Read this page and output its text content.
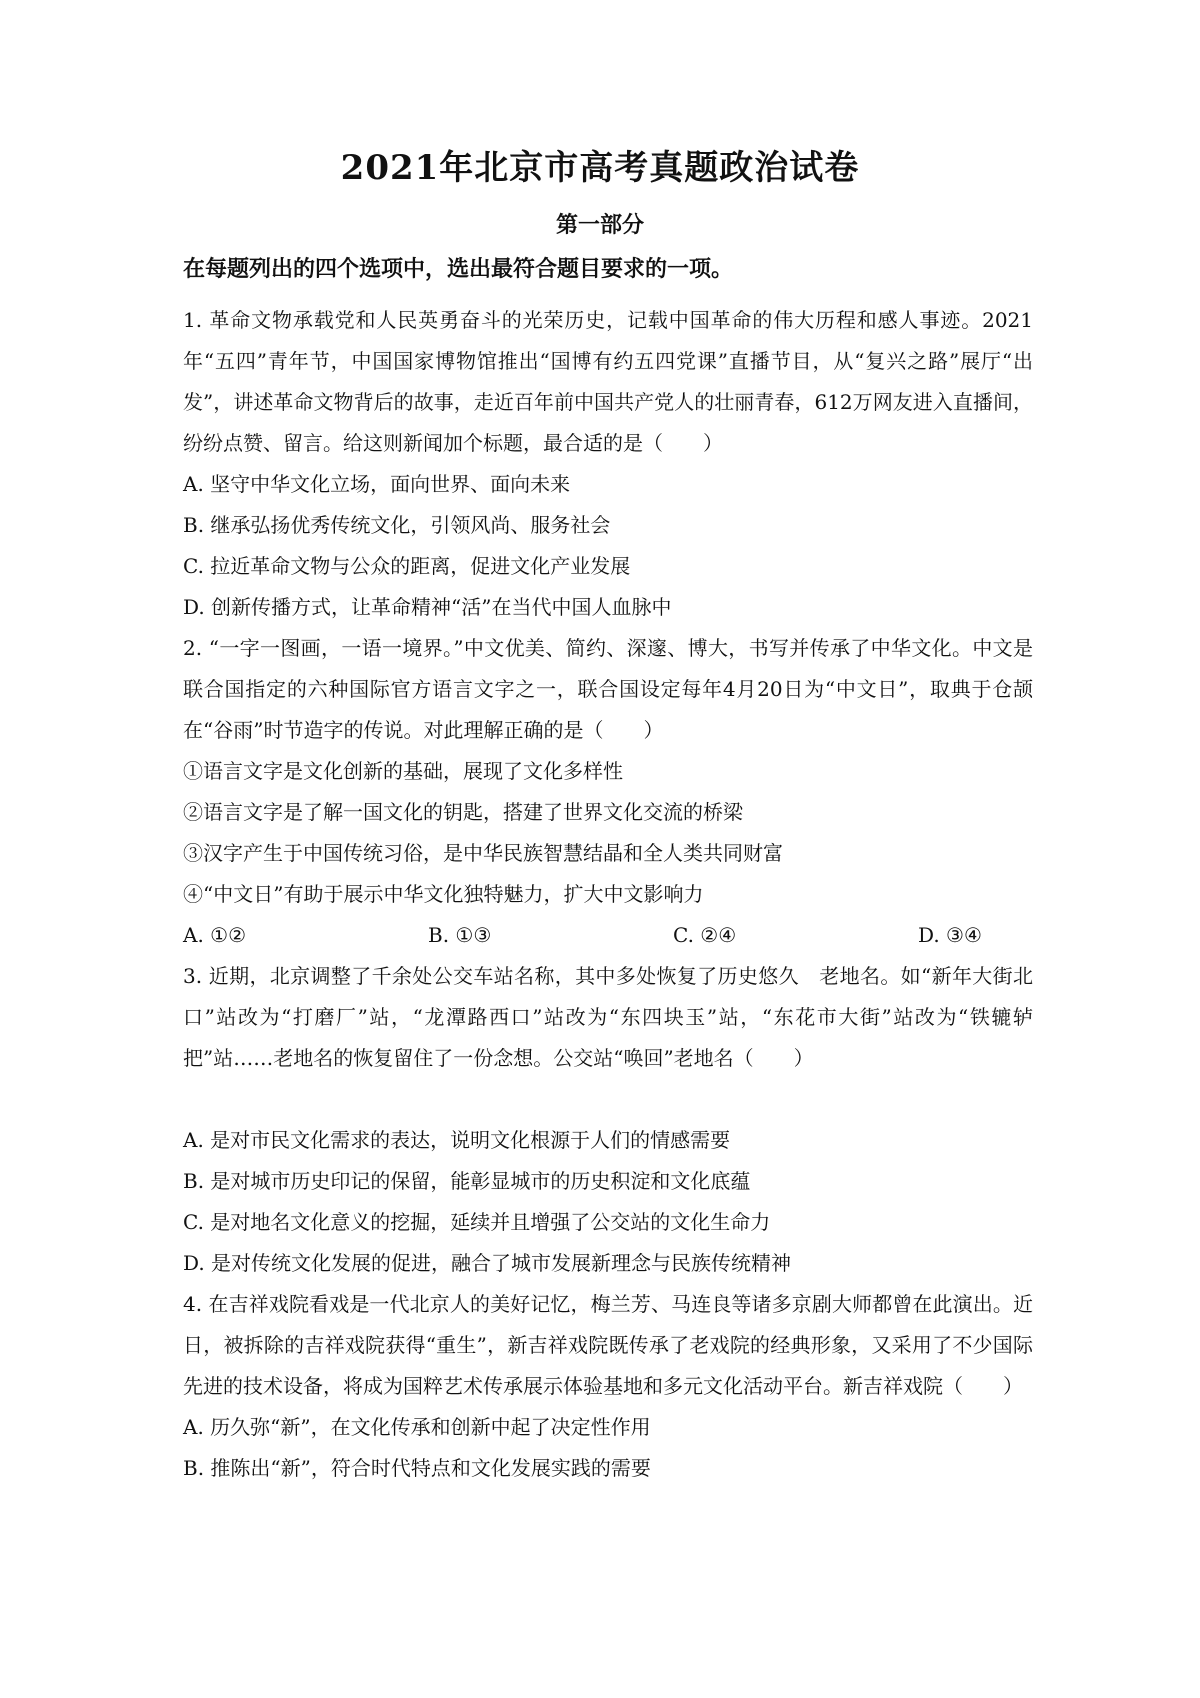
2021年北京市高考真题政治试卷
第一部分
在每题列出的四个选项中，选出最符合题目要求的一项。

1. 革命文物承载党和人民英勇奋斗的光荣历史，记载中国革命的伟大历程和感人事迹。2021年“五四”青年节，中国国家博物馆推出“国博有约五四党课”直播节目，从“复兴之路”展厅“出发”，讲述革命文物背后的故事，走近百年前中国共产党人的壮丽青春，612万网友进入直播间，纷纷点赞、留言。给这则新闻加个标题，最合适的是（　　）

A. 坚守中华文化立场，面向世界、面向未来

B. 继承弘扬优秀传统文化，引领风尚、服务社会

C. 拉近革命文物与公众的距离，促进文化产业发展

D. 创新传播方式，让革命精神“活”在当代中国人血脉中

2. “一字一图画，一语一境界。”中文优美、简约、深邃、博大，书写并传承了中华文化。中文是联合国指定的六种国际官方语言文字之一，联合国设定每年4月20日为“中文日”，取典于仓颉在“谷雨”时节造字的传说。对此理解正确的是（　　）

①语言文字是文化创新的基础，展现了文化多样性

②语言文字是了解一国文化的钥匙，搭建了世界文化交流的桥梁

③汉字产生于中国传统习俗，是中华民族智慧结晶和全人类共同财富

④“中文日”有助于展示中华文化独特魅力，扩大中文影响力

A. ①②	B. ①③	C. ②④	D. ③④

3. 近期，北京调整了千余处公交车站名称，其中多处恢复了历史悠久　老地名。如“新年大街北口”站改为“打磨厂”站，“龙潭路西口”站改为“东四块玉”站，“东花市大街”站改为“铁辘轳把”站……老地名的恢复留住了一份念想。公交站“唤回”老地名（　　）

A. 是对市民文化需求的表达，说明文化根源于人们的情感需要

B. 是对城市历史印记的保留，能彰显城市的历史积淀和文化底蕴

C. 是对地名文化意义的挖掘，延续并且增强了公交站的文化生命力

D. 是对传统文化发展的促进，融合了城市发展新理念与民族传统精神

4. 在吉祥戏院看戏是一代北京人的美好记忆，梅兰芳、马连良等诸多京剧大师都曾在此演出。近日，被拆除的吉祥戏院获得“重生”，新吉祥戏院既传承了老戏院的经典形象，又采用了不少国际先进的技术设备，将成为国粹艺术传承展示体验基地和多元文化活动平台。新吉祥戏院（　　）

A. 历久弥“新”，在文化传承和创新中起了决定性作用

B. 推陈出“新”，符合时代特点和文化发展实践的需要
